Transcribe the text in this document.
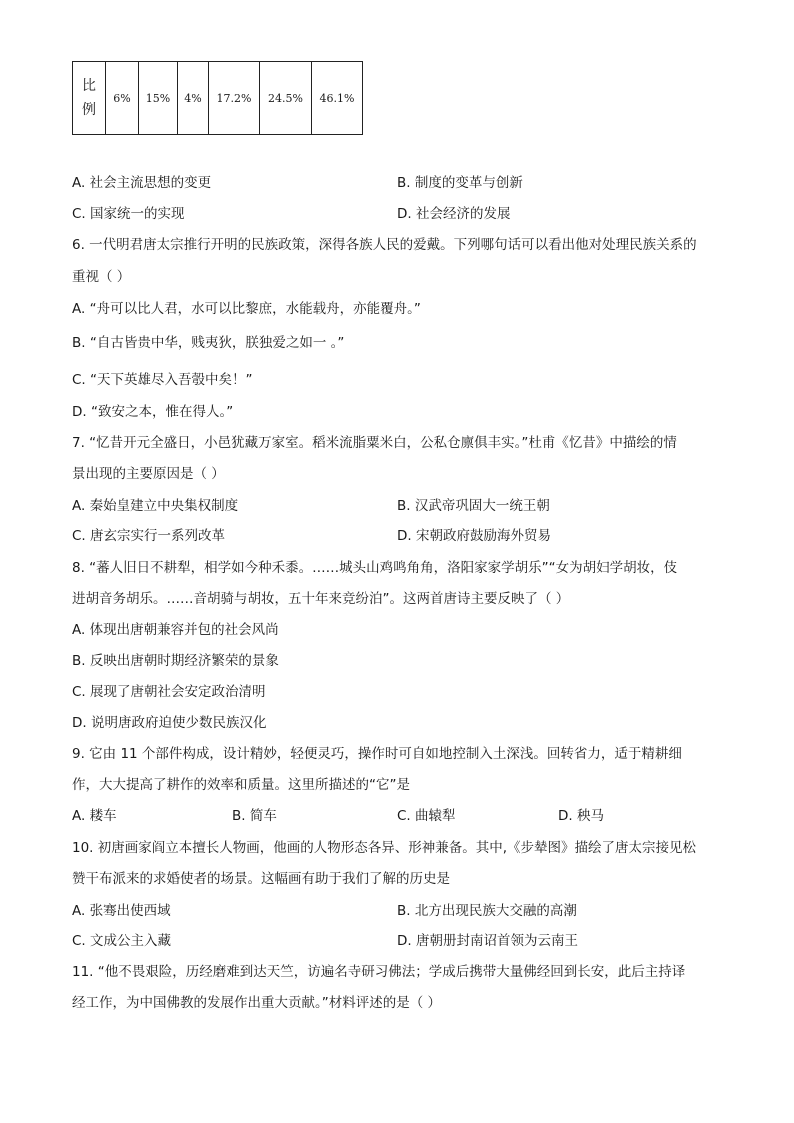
比例	6%	15%	4%	17.2%	24.5%	46.1%
A. 社会主流思想的变更	B. 制度的变革与创新
C. 国家统一的实现	D. 社会经济的发展
6. 一代明君唐太宗推行开明的民族政策，深得各族人民的爱戴。下列哪句话可以看出他对处理民族关系的
重视（ ）
A. “舟可以比人君，水可以比黎庶，水能载舟，亦能覆舟。”
B. “自古皆贵中华，贱夷狄，朕独爱之如一 。”
C. “天下英雄尽入吾彀中矣！”
D. “致安之本，惟在得人。”
7. “忆昔开元全盛日，小邑犹藏万家室。稻米流脂粟米白，公私仓廪俱丰实。”杜甫《忆昔》中描绘的情
景出现的主要原因是（ ）
A. 秦始皇建立中央集权制度	B. 汉武帝巩固大一统王朝
C. 唐玄宗实行一系列改革	D. 宋朝政府鼓励海外贸易
8. “蕃人旧日不耕犁，相学如今种禾黍。……城头山鸡鸣角角，洛阳家家学胡乐”“女为胡妇学胡妆，伎
进胡音务胡乐。……音胡骑与胡妆，五十年来竞纷泊”。这两首唐诗主要反映了（ ）
A. 体现出唐朝兼容并包的社会风尚
B. 反映出唐朝时期经济繁荣的景象
C. 展现了唐朝社会安定政治清明
D. 说明唐政府迫使少数民族汉化
9. 它由 11 个部件构成，设计精妙，轻便灵巧，操作时可自如地控制入土深浅。回转省力，适于精耕细
作，大大提高了耕作的效率和质量。这里所描述的“它”是
A. 耧车	B. 简车	C. 曲辕犁	D. 秧马
10. 初唐画家阎立本擅长人物画，他画的人物形态各异、形神兼备。其中,《步辇图》描绘了唐太宗接见松
赞干布派来的求婚使者的场景。这幅画有助于我们了解的历史是
A. 张骞出使西域	B. 北方出现民族大交融的高潮
C. 文成公主入藏	D. 唐朝册封南诏首领为云南王
11. “他不畏艰险，历经磨难到达天竺，访遍名寺研习佛法；学成后携带大量佛经回到长安，此后主持译
经工作，为中国佛教的发展作出重大贡献。”材料评述的是（ ）
